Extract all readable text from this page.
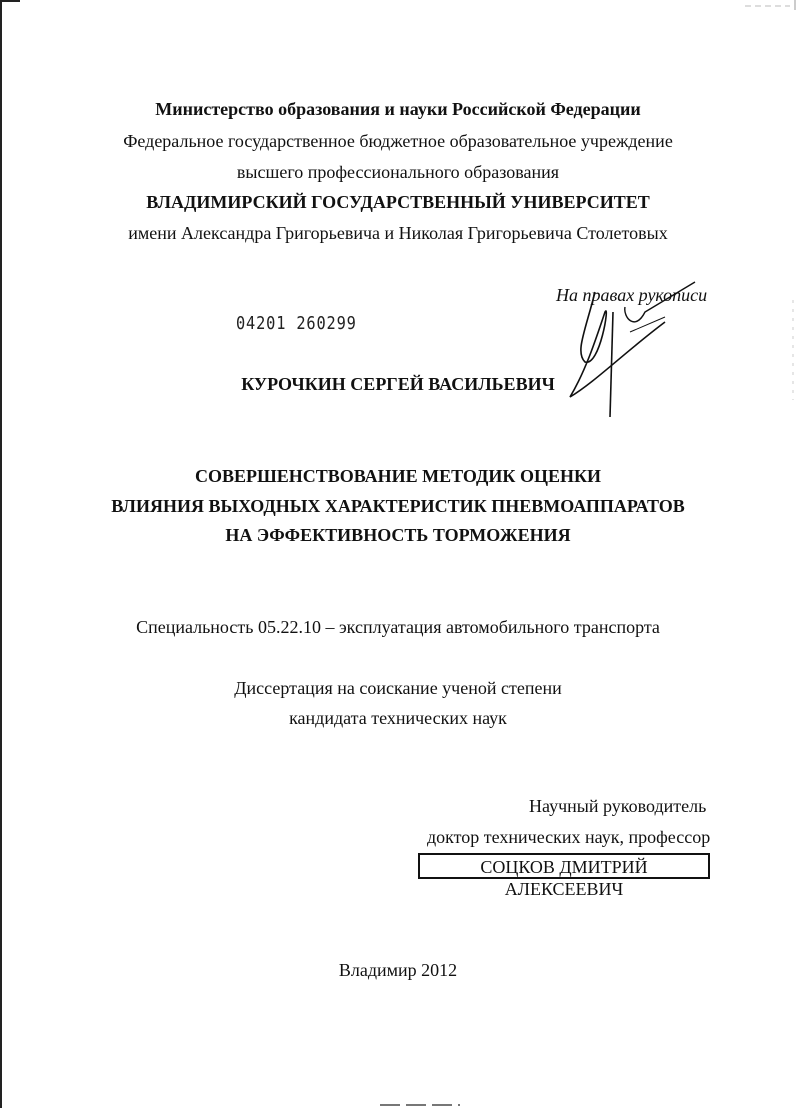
Министерство образования и науки Российской Федерации
Федеральное государственное бюджетное образовательное учреждение
высшего профессионального образования
ВЛАДИМИРСКИЙ ГОСУДАРСТВЕННЫЙ УНИВЕРСИТЕТ
имени Александра Григорьевича и Николая Григорьевича Столетовых
На правах рукописи
04201 260299
КУРОЧКИН СЕРГЕЙ ВАСИЛЬЕВИЧ
СОВЕРШЕНСТВОВАНИЕ МЕТОДИК ОЦЕНКИ
ВЛИЯНИЯ ВЫХОДНЫХ ХАРАКТЕРИСТИК ПНЕВМОАППАРАТОВ
НА ЭФФЕКТИВНОСТЬ ТОРМОЖЕНИЯ
Специальность 05.22.10 – эксплуатация автомобильного транспорта
Диссертация на соискание ученой степени
кандидата технических наук
Научный руководитель
доктор технических наук, профессор
СОЦКОВ ДМИТРИЙ АЛЕКСЕЕВИЧ
Владимир 2012
